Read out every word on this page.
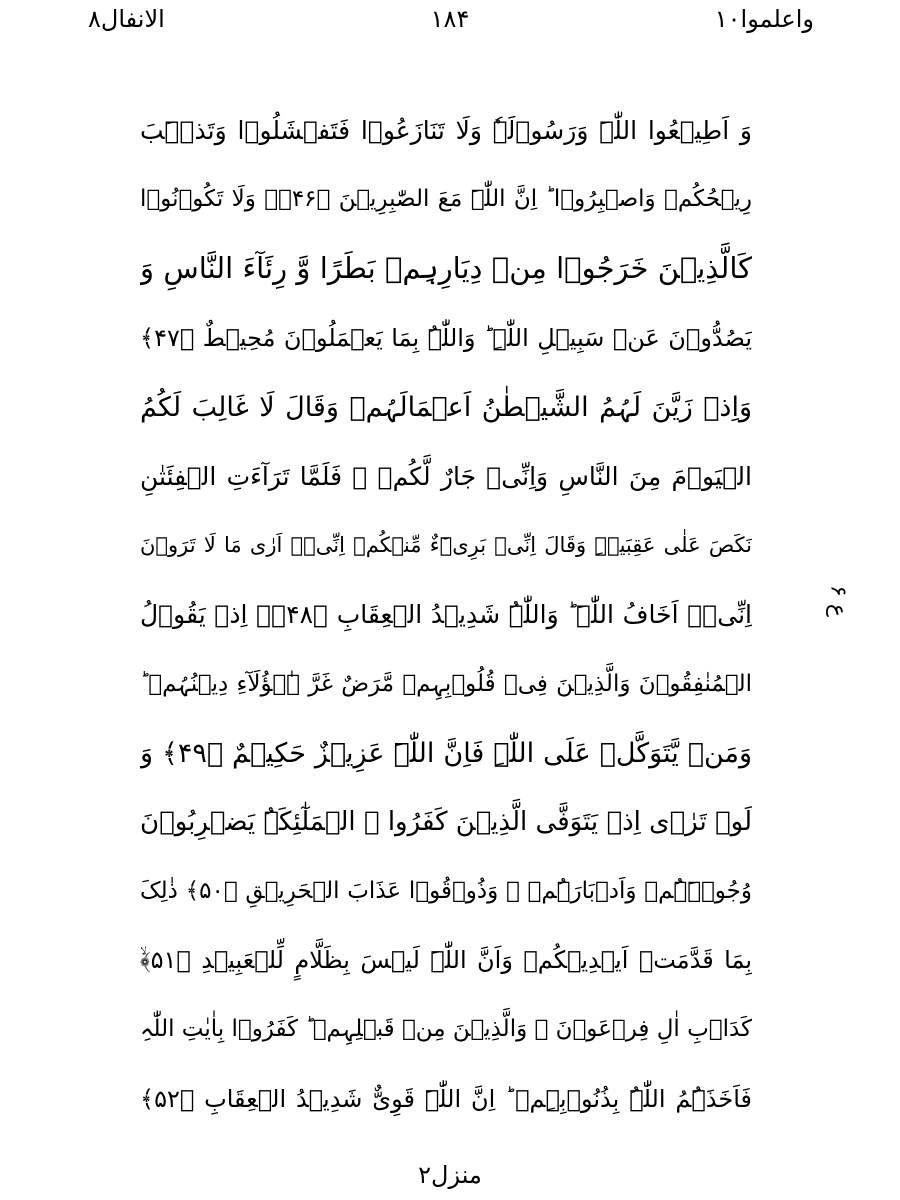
الانفال۸	۱۸۴	واعلموا۱۰
وَ اَطِیۡعُوا اللّٰہَ وَرَسُوۡلَہٗ وَلَا تَنَازَعُوۡا فَتَفۡشَلُوۡا وَتَذۡہَبَ
رِیۡحُکُمۡ وَاصۡبِرُوۡا ؕ اِنَّ اللّٰہَ مَعَ الصّٰبِرِیۡنَ ﴿۴۶﴾ۚ وَلَا تَکُوۡنُوۡا
کَالَّذِیۡنَ خَرَجُوۡا مِنۡ دِیَارِہِمۡ بَطَرًا وَّ رِئَآءَ النَّاسِ وَ
یَصُدُّوۡنَ عَنۡ سَبِیۡلِ اللّٰہِ ؕ وَاللّٰہُ بِمَا یَعۡمَلُوۡنَ مُحِیۡطٌ ﴿۴۷﴾
وَاِذۡ زَیَّنَ لَہُمُ الشَّیۡطٰنُ اَعۡمَالَہُمۡ وَقَالَ لَا غَالِبَ لَکُمُ
الۡیَوۡمَ مِنَ النَّاسِ وَاِنِّیۡ جَارٌ لَّکُمۡ ۚ فَلَمَّا تَرَآءَتِ الۡفِئَتٰنِ
نَکَصَ عَلٰی عَقِبَیۡہِ وَقَالَ اِنِّیۡ بَرِیۡٓءٌ مِّنۡکُمۡ اِنِّیۡۤ اَرٰی مَا لَا تَرَوۡنَ
اِنِّیۡۤ اَخَافُ اللّٰہَ ؕ وَاللّٰہُ شَدِیۡدُ الۡعِقَابِ ﴿۴۸﴾ۧ اِذۡ یَقُوۡلُ
الۡمُنٰفِقُوۡنَ وَالَّذِیۡنَ فِیۡ قُلُوۡبِہِمۡ مَّرَضٌ غَرَّ ہٰۤؤُلَآءِ دِیۡنُہُمۡ ؕ
وَمَنۡ یَّتَوَکَّلۡ عَلَی اللّٰہِ فَاِنَّ اللّٰہَ عَزِیۡزٌ حَکِیۡمٌ ﴿۴۹﴾ وَ
لَوۡ تَرٰۤی اِذۡ یَتَوَفَّی الَّذِیۡنَ کَفَرُوا ۙ الۡمَلٰٓئِکَۃُ یَضۡرِبُوۡنَ
وُجُوۡہَہُمۡ وَاَدۡبَارَہُمۡ ۚ وَذُوۡقُوۡا عَذَابَ الۡحَرِیۡقِ ﴿۵۰﴾ ذٰلِکَ
بِمَا قَدَّمَتۡ اَیۡدِیۡکُمۡ وَاَنَّ اللّٰہَ لَیۡسَ بِظَلَّامٍ لِّلۡعَبِیۡدِ ﴿۵۱﴾ۙ
کَدَاۡبِ اٰلِ فِرۡعَوۡنَ ۙ وَالَّذِیۡنَ مِنۡ قَبۡلِہِمۡ ؕ کَفَرُوۡا بِاٰیٰتِ اللّٰہِ
فَاَخَذَہُمُ اللّٰہُ بِذُنُوۡبِہِمۡ ؕ اِنَّ اللّٰہَ قَوِیٌّ شَدِیۡدُ الۡعِقَابِ ﴿۵۲﴾
ع ۶
منزل۲
